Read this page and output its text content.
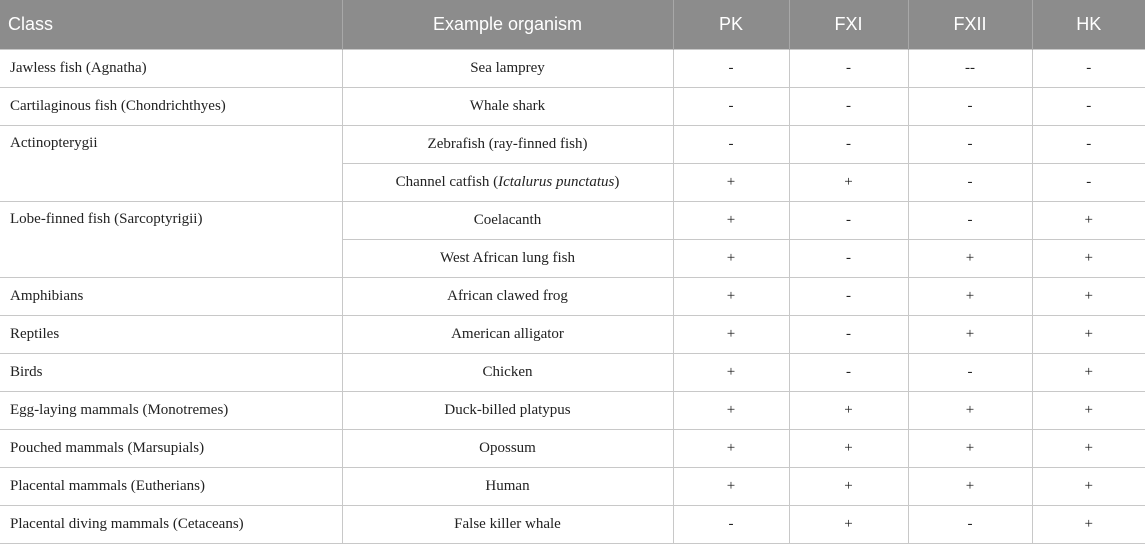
Class	Example organism	PK	FXI	FXII	HK
Jawless fish (Agnatha)	Sea lamprey	-	-	--	-
Cartilaginous fish (Chondrichthyes)	Whale shark	-	-	-	-
Actinopterygii	Zebrafish (ray-finned fish)	-	-	-	-
	Channel catfish (Ictalurus punctatus)	+	+	-	-
Lobe-finned fish (Sarcoptyrigii)	Coelacanth	+	-	-	+
	West African lung fish	+	-	+	+
Amphibians	African clawed frog	+	-	+	+
Reptiles	American alligator	+	-	+	+
Birds	Chicken	+	-	-	+
Egg-laying mammals (Monotremes)	Duck-billed platypus	+	+	+	+
Pouched mammals (Marsupials)	Opossum	+	+	+	+
Placental mammals (Eutherians)	Human	+	+	+	+
Placental diving mammals (Cetaceans)	False killer whale	-	+	-	+
